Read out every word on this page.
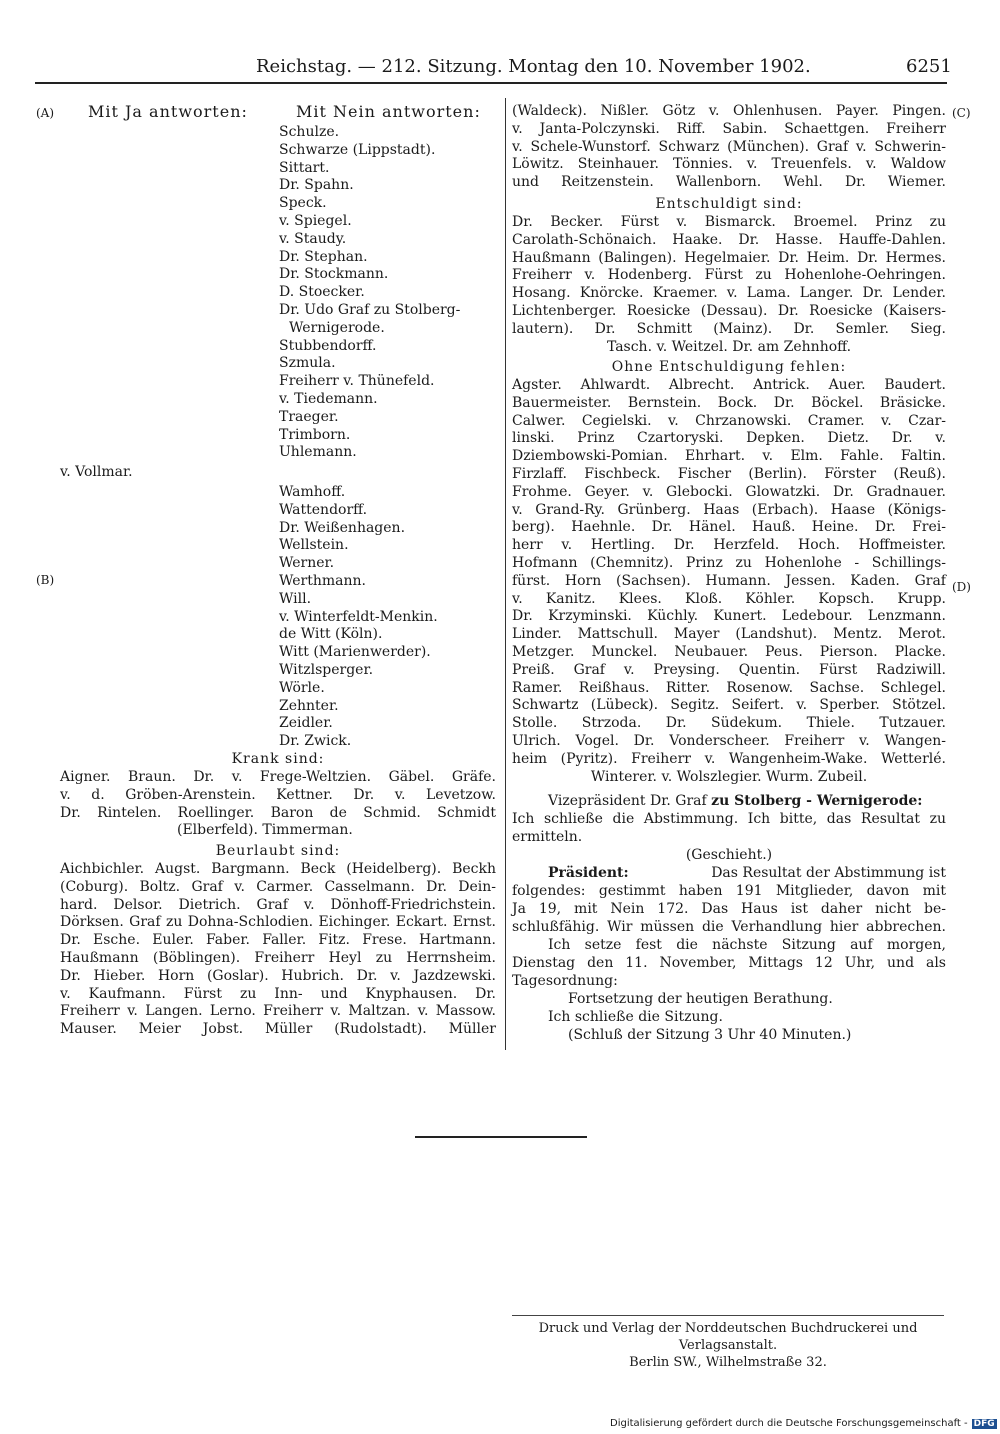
Reichstag. — 212. Sitzung. Montag den 10. November 1902.	6251
(A)
(B)
(C)
(D)
Mit Ja antworten:	Mit Nein antworten:
Schulze.
Schwarze (Lippstadt).
Sittart.
Dr. Spahn.
Speck.
v. Spiegel.
v. Staudy.
Dr. Stephan.
Dr. Stockmann.
D. Stoecker.
Dr. Udo Graf zu Stolberg-
Wernigerode.
Stubbendorff.
Szmula.
Freiherr v. Thünefeld.
v. Tiedemann.
Traeger.
Trimborn.
Uhlemann.
v. Vollmar.
Wamhoff.
Wattendorff.
Dr. Weißenhagen.
Wellstein.
Werner.
Werthmann.
Will.
v. Winterfeldt-Menkin.
de Witt (Köln).
Witt (Marienwerder).
Witzlsperger.
Wörle.
Zehnter.
Zeidler.
Dr. Zwick.
Krank sind:
Aigner. Braun. Dr. v. Frege-Weltzien. Gäbel. Gräfe.
v. d. Gröben-Arenstein. Kettner. Dr. v. Levetzow.
Dr. Rintelen. Roellinger. Baron de Schmid. Schmidt
(Elberfeld). Timmerman.
Beurlaubt sind:
Aichbichler. Augst. Bargmann. Beck (Heidelberg). Beckh
(Coburg). Boltz. Graf v. Carmer. Casselmann. Dr. Dein-
hard. Delsor. Dietrich. Graf v. Dönhoff-Friedrichstein.
Dörksen. Graf zu Dohna-Schlodien. Eichinger. Eckart. Ernst.
Dr. Esche. Euler. Faber. Faller. Fitz. Frese. Hartmann.
Haußmann (Böblingen). Freiherr Heyl zu Herrnsheim.
Dr. Hieber. Horn (Goslar). Hubrich. Dr. v. Jazdzewski.
v. Kaufmann. Fürst zu Inn- und Knyphausen. Dr.
Freiherr v. Langen. Lerno. Freiherr v. Maltzan. v. Massow.
Mauser. Meier Jobst. Müller (Rudolstadt). Müller
(Waldeck). Nißler. Götz v. Ohlenhusen. Payer. Pingen.
v. Janta-Polczynski. Riff. Sabin. Schaettgen. Freiherr
v. Schele-Wunstorf. Schwarz (München). Graf v. Schwerin-
Löwitz. Steinhauer. Tönnies. v. Treuenfels. v. Waldow
und Reitzenstein. Wallenborn. Wehl. Dr. Wiemer.
Entschuldigt sind:
Dr. Becker. Fürst v. Bismarck. Broemel. Prinz zu
Carolath-Schönaich. Haake. Dr. Hasse. Hauffe-Dahlen.
Haußmann (Balingen). Hegelmaier. Dr. Heim. Dr. Hermes.
Freiherr v. Hodenberg. Fürst zu Hohenlohe-Oehringen.
Hosang. Knörcke. Kraemer. v. Lama. Langer. Dr. Lender.
Lichtenberger. Roesicke (Dessau). Dr. Roesicke (Kaisers-
lautern). Dr. Schmitt (Mainz). Dr. Semler. Sieg.
Tasch. v. Weitzel. Dr. am Zehnhoff.
Ohne Entschuldigung fehlen:
Agster. Ahlwardt. Albrecht. Antrick. Auer. Baudert.
Bauermeister. Bernstein. Bock. Dr. Böckel. Bräsicke.
Calwer. Cegielski. v. Chrzanowski. Cramer. v. Czar-
linski. Prinz Czartoryski. Depken. Dietz. Dr. v.
Dziembowski-Pomian. Ehrhart. v. Elm. Fahle. Faltin.
Firzlaff. Fischbeck. Fischer (Berlin). Förster (Reuß).
Frohme. Geyer. v. Glebocki. Glowatzki. Dr. Gradnauer.
v. Grand-Ry. Grünberg. Haas (Erbach). Haase (Königs-
berg). Haehnle. Dr. Hänel. Hauß. Heine. Dr. Frei-
herr v. Hertling. Dr. Herzfeld. Hoch. Hoffmeister.
Hofmann (Chemnitz). Prinz zu Hohenlohe - Schillings-
fürst. Horn (Sachsen). Humann. Jessen. Kaden. Graf
v. Kanitz. Klees. Kloß. Köhler. Kopsch. Krupp.
Dr. Krzyminski. Küchly. Kunert. Ledebour. Lenzmann.
Linder. Mattschull. Mayer (Landshut). Mentz. Merot.
Metzger. Munckel. Neubauer. Peus. Pierson. Placke.
Preiß. Graf v. Preysing. Quentin. Fürst Radziwill.
Ramer. Reißhaus. Ritter. Rosenow. Sachse. Schlegel.
Schwartz (Lübeck). Segitz. Seifert. v. Sperber. Stötzel.
Stolle. Strzoda. Dr. Südekum. Thiele. Tutzauer.
Ulrich. Vogel. Dr. Vonderscheer. Freiherr v. Wangen-
heim (Pyritz). Freiherr v. Wangenheim-Wake. Wetterlé.
Winterer. v. Wolszlegier. Wurm. Zubeil.
Vizepräsident Dr. Graf zu Stolberg - Wernigerode:
Ich schließe die Abstimmung. Ich bitte, das Resultat zu
ermitteln.
(Geschieht.)
Präsident:	Das Resultat der Abstimmung ist
folgendes: gestimmt haben 191 Mitglieder, davon mit
Ja 19, mit Nein 172. Das Haus ist daher nicht be-
schlußfähig. Wir müssen die Verhandlung hier abbrechen.
Ich setze fest die nächste Sitzung auf morgen,
Dienstag den 11. November, Mittags 12 Uhr, und als
Tagesordnung:
Fortsetzung der heutigen Berathung.
Ich schließe die Sitzung.
(Schluß der Sitzung 3 Uhr 40 Minuten.)
Druck und Verlag der Norddeutschen Buchdruckerei und Verlagsanstalt.
Berlin SW., Wilhelmstraße 32.
Digitalisierung gefördert durch die Deutsche Forschungsgemeinschaft - DFG
